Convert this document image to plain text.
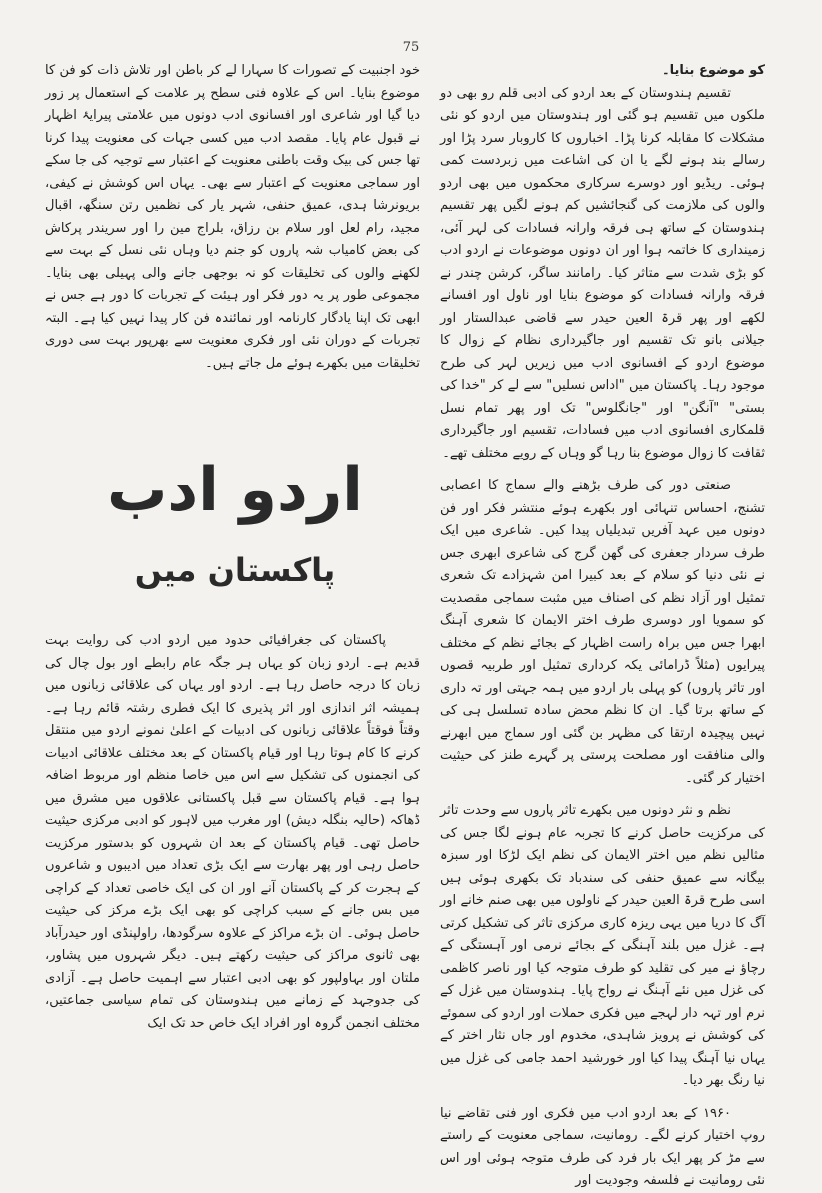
75

کو موضوع بنایا۔

تقسیم ہندوستان کے بعد اردو کی ادبی قلم رو بھی دو ملکوں میں تقسیم ہو گئی اور ہندوستان میں اردو کو نئی مشکلات کا مقابلہ کرنا پڑا۔ اخباروں کا کاروبار سرد پڑا اور رسالے بند ہونے لگے یا ان کی اشاعت میں زبردست کمی ہوئی۔ ریڈیو اور دوسرے سرکاری محکموں میں بھی اردو والوں کی ملازمت کی گنجائشیں کم ہونے لگیں پھر تقسیم ہندوستان کے ساتھ ہی فرقہ وارانہ فسادات کی لہر آئی، زمینداری کا خاتمہ ہوا اور ان دونوں موضوعات نے اردو ادب کو بڑی شدت سے متاثر کیا۔ رامانند ساگر، کرشن چندر نے فرقہ وارانہ فسادات کو موضوع بنایا اور ناول اور افسانے لکھے اور پھر قرۃ العین حیدر سے قاضی عبدالستار اور جیلانی بانو تک تقسیم اور جاگیرداری نظام کے زوال کا موضوع اردو کے افسانوی ادب میں زیریں لہر کی طرح موجود رہا۔ پاکستان میں "اداس نسلیں" سے لے کر "خدا کی بستی" "آنگن" اور "جانگلوس" تک اور پھر تمام نسل قلمکاری افسانوی ادب میں فسادات، تقسیم اور جاگیرداری ثقافت کا زوال موضوع بنا رہا گو وہاں کے رویے مختلف تھے۔

صنعتی دور کی طرف بڑھنے والے سماج کا اعصابی تشنج، احساس تنہائی اور بکھرے ہوئے منتشر فکر اور فن دونوں میں عہد آفریں تبدیلیاں پیدا کیں۔ شاعری میں ایک طرف سردار جعفری کی گھن گرج کی شاعری ابھری جس نے نئی دنیا کو سلام کے بعد کبیرا امن شہزادے تک شعری تمثیل اور آزاد نظم کی اصناف میں مثبت سماجی مقصدیت کو سمویا اور دوسری طرف اختر الایمان کا شعری آہنگ ابھرا جس میں براہ راست اظہار کے بجائے نظم کے مختلف پیرایوں (مثلاً ڈرامائی یکہ کرداری تمثیل اور طربیہ قصوں اور تاثر پاروں) کو پہلی بار اردو میں ہمہ جہتی اور تہ داری کے ساتھ برتا گیا۔ ان کا نظم محض سادہ تسلسل ہی کی نہیں پیچیدہ ارتقا کی مظہر بن گئی اور سماج میں ابھرنے والی منافقت اور مصلحت پرستی پر گہرے طنز کی حیثیت اختیار کر گئی۔

نظم و نثر دونوں میں بکھرے تاثر پاروں سے وحدت تاثر کی مرکزیت حاصل کرنے کا تجربہ عام ہونے لگا جس کی مثالیں نظم میں اختر الایمان کی نظم ایک لڑکا اور سبزہ بیگانہ سے عمیق حنفی کی سندباد تک بکھری ہوئی ہیں اسی طرح قرۃ العین حیدر کے ناولوں میں بھی صنم خانے اور آگ کا دریا میں یہی ریزہ کاری مرکزی تاثر کی تشکیل کرتی ہے۔ غزل میں بلند آہنگی کے بجائے نرمی اور آہستگی کے رچاؤ نے میر کی تقلید کو طرف متوجہ کیا اور ناصر کاظمی کی غزل میں نئے آہنگ نے رواج پایا۔ ہندوستان میں غزل کے نرم اور تہہ دار لہجے میں فکری حملات اور اردو کی سموئے کی کوشش نے پرویز شاہدی، مخدوم اور جاں نثار اختر کے یہاں نیا آہنگ پیدا کیا اور خورشید احمد جامی کی غزل میں نیا رنگ بھر دیا۔

۱۹۶۰ کے بعد اردو ادب میں فکری اور فنی تقاضے نیا روپ اختیار کرنے لگے۔ رومانیت، سماجی معنویت کے راستے سے مڑ کر پھر ایک بار فرد کی طرف متوجہ ہوئی اور اس نئی رومانیت نے فلسفہ وجودیت اور

خود اجنبیت کے تصورات کا سہارا لے کر باطن اور تلاش ذات کو فن کا موضوع بنایا۔ اس کے علاوہ فنی سطح پر علامت کے استعمال پر زور دیا گیا اور شاعری اور افسانوی ادب دونوں میں علامتی پیرایۂ اظہار نے قبول عام پایا۔ مقصد ادب میں کسی جہات کی معنویت پیدا کرنا تھا جس کی بیک وقت باطنی معنویت کے اعتبار سے توجیہ کی جا سکے اور سماجی معنویت کے اعتبار سے بھی۔ یہاں اس کوشش نے کیفی، بریونرشا ہدی، عمیق حنفی، شہر یار کی نظمیں رتن سنگھ، اقبال مجید، رام لعل اور سلام بن رزاق، بلراج مین را اور سریندر پرکاش کی بعض کامیاب شہ پاروں کو جنم دیا وہاں نئی نسل کے بہت سے لکھنے والوں کی تخلیقات کو نہ بوجھی جانے والی پہیلی بھی بنایا۔ مجموعی طور پر یہ دور فکر اور ہیئت کے تجربات کا دور ہے جس نے ابھی تک اپنا یادگار کارنامہ اور نمائندہ فن کار پیدا نہیں کیا ہے۔ البتہ تجربات کے دوران نئی اور فکری معنویت سے بھرپور بہت سی دوری تخلیقات میں بکھرے ہوئے مل جاتے ہیں۔

اردو ادب
پاکستان میں

پاکستان کی جغرافیائی حدود میں اردو ادب کی روایت بہت قدیم ہے۔ اردو زبان کو یہاں ہر جگہ عام رابطے اور بول چال کی زبان کا درجہ حاصل رہا ہے۔ اردو اور یہاں کی علاقائی زبانوں میں ہمیشہ اثر اندازی اور اثر پذیری کا ایک فطری رشتہ قائم رہا ہے۔ وقتاً فوقتاً علاقائی زبانوں کی ادبیات کے اعلیٰ نمونے اردو میں منتقل کرنے کا کام ہوتا رہا اور قیام پاکستان کے بعد مختلف علاقائی ادبیات کی انجمنوں کی تشکیل سے اس میں خاصا منظم اور مربوط اضافہ ہوا ہے۔ قیام پاکستان سے قبل پاکستانی علاقوں میں مشرق میں ڈھاکہ (حالیہ بنگلہ دیش) اور مغرب میں لاہور کو ادبی مرکزی حیثیت حاصل تھی۔ قیام پاکستان کے بعد ان شہروں کو بدستور مرکزیت حاصل رہی اور پھر بھارت سے ایک بڑی تعداد میں ادیبوں و شاعروں کے ہجرت کر کے پاکستان آنے اور ان کی ایک خاصی تعداد کے کراچی میں بس جانے کے سبب کراچی کو بھی ایک بڑے مرکز کی حیثیت حاصل ہوئی۔ ان بڑے مراکز کے علاوہ سرگودھا، راولپنڈی اور حیدرآباد بھی ثانوی مراکز کی حیثیت رکھتے ہیں۔ دیگر شہروں میں پشاور، ملتان اور بہاولپور کو بھی ادبی اعتبار سے اہمیت حاصل ہے۔ آزادی کی جدوجہد کے زمانے میں ہندوستان کی تمام سیاسی جماعتیں، مختلف انجمن گروہ اور افراد ایک خاص حد تک ایک
